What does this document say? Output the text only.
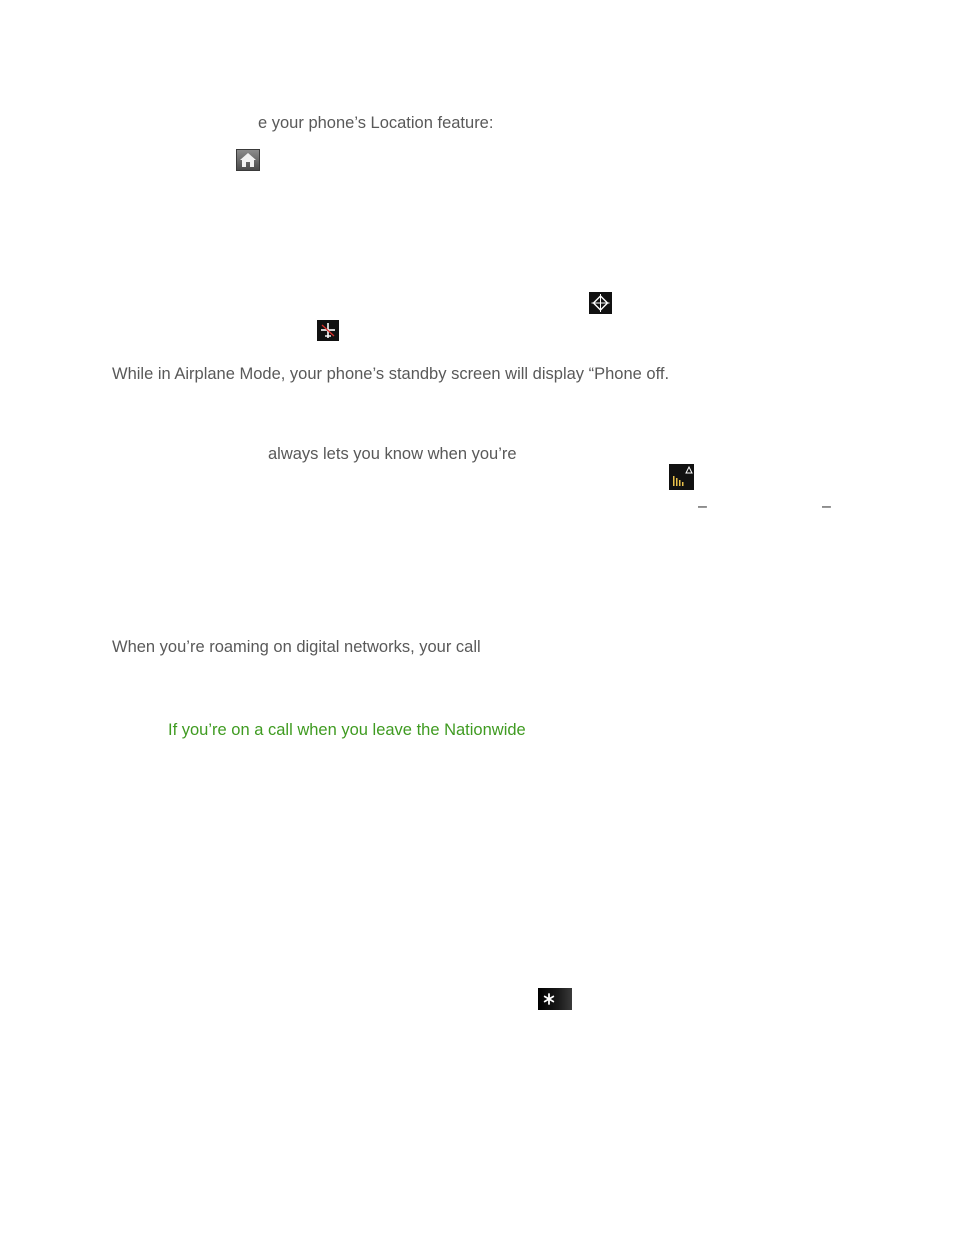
e your phone’s Location feature:
While in Airplane Mode, your phone’s standby screen will display “Phone off.
always lets you know when you’re
–	–
When you’re roaming on digital networks, your call
If you’re on a call when you leave the Nationwide
